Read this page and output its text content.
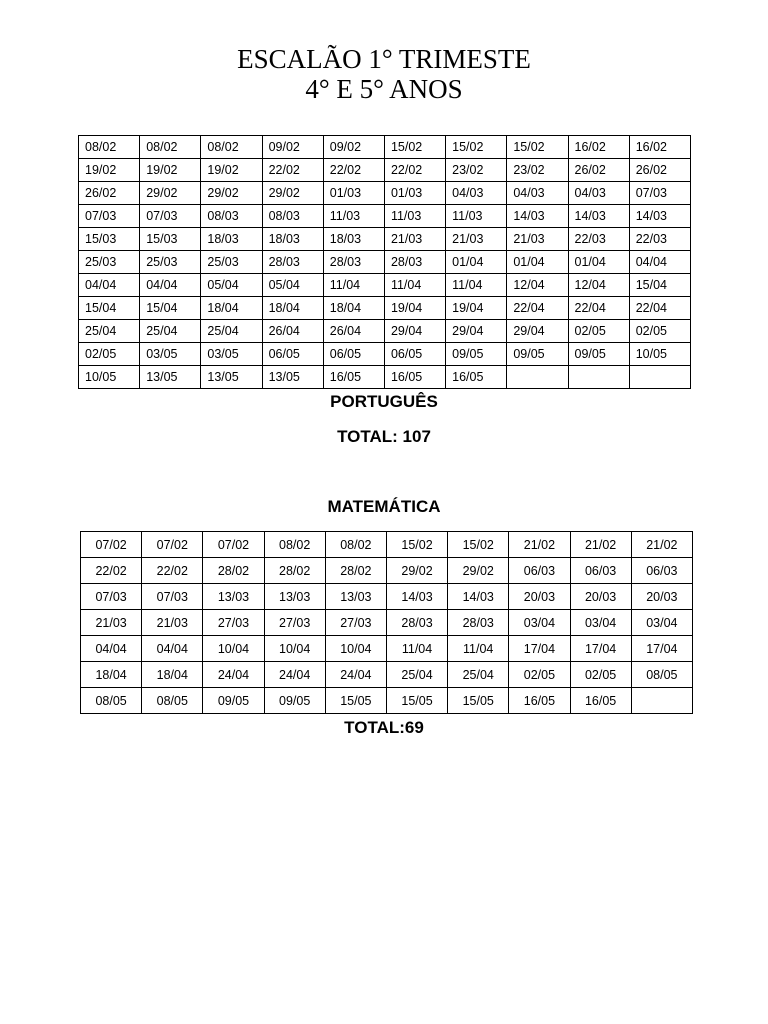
ESCALÃO 1° TRIMESTE
4° E 5° ANOS
08/02	08/02	08/02	09/02	09/02	15/02	15/02	15/02	16/02	16/02
19/02	19/02	19/02	22/02	22/02	22/02	23/02	23/02	26/02	26/02
26/02	29/02	29/02	29/02	01/03	01/03	04/03	04/03	04/03	07/03
07/03	07/03	08/03	08/03	11/03	11/03	11/03	14/03	14/03	14/03
15/03	15/03	18/03	18/03	18/03	21/03	21/03	21/03	22/03	22/03
25/03	25/03	25/03	28/03	28/03	28/03	01/04	01/04	01/04	04/04
04/04	04/04	05/04	05/04	11/04	11/04	11/04	12/04	12/04	15/04
15/04	15/04	18/04	18/04	18/04	19/04	19/04	22/04	22/04	22/04
25/04	25/04	25/04	26/04	26/04	29/04	29/04	29/04	02/05	02/05
02/05	03/05	03/05	06/05	06/05	06/05	09/05	09/05	09/05	10/05
10/05	13/05	13/05	13/05	16/05	16/05	16/05			
PORTUGUÊS
TOTAL: 107
MATEMÁTICA
07/02	07/02	07/02	08/02	08/02	15/02	15/02	21/02	21/02	21/02
22/02	22/02	28/02	28/02	28/02	29/02	29/02	06/03	06/03	06/03
07/03	07/03	13/03	13/03	13/03	14/03	14/03	20/03	20/03	20/03
21/03	21/03	27/03	27/03	27/03	28/03	28/03	03/04	03/04	03/04
04/04	04/04	10/04	10/04	10/04	11/04	11/04	17/04	17/04	17/04
18/04	18/04	24/04	24/04	24/04	25/04	25/04	02/05	02/05	08/05
08/05	08/05	09/05	09/05	15/05	15/05	15/05	16/05	16/05	
TOTAL:69
